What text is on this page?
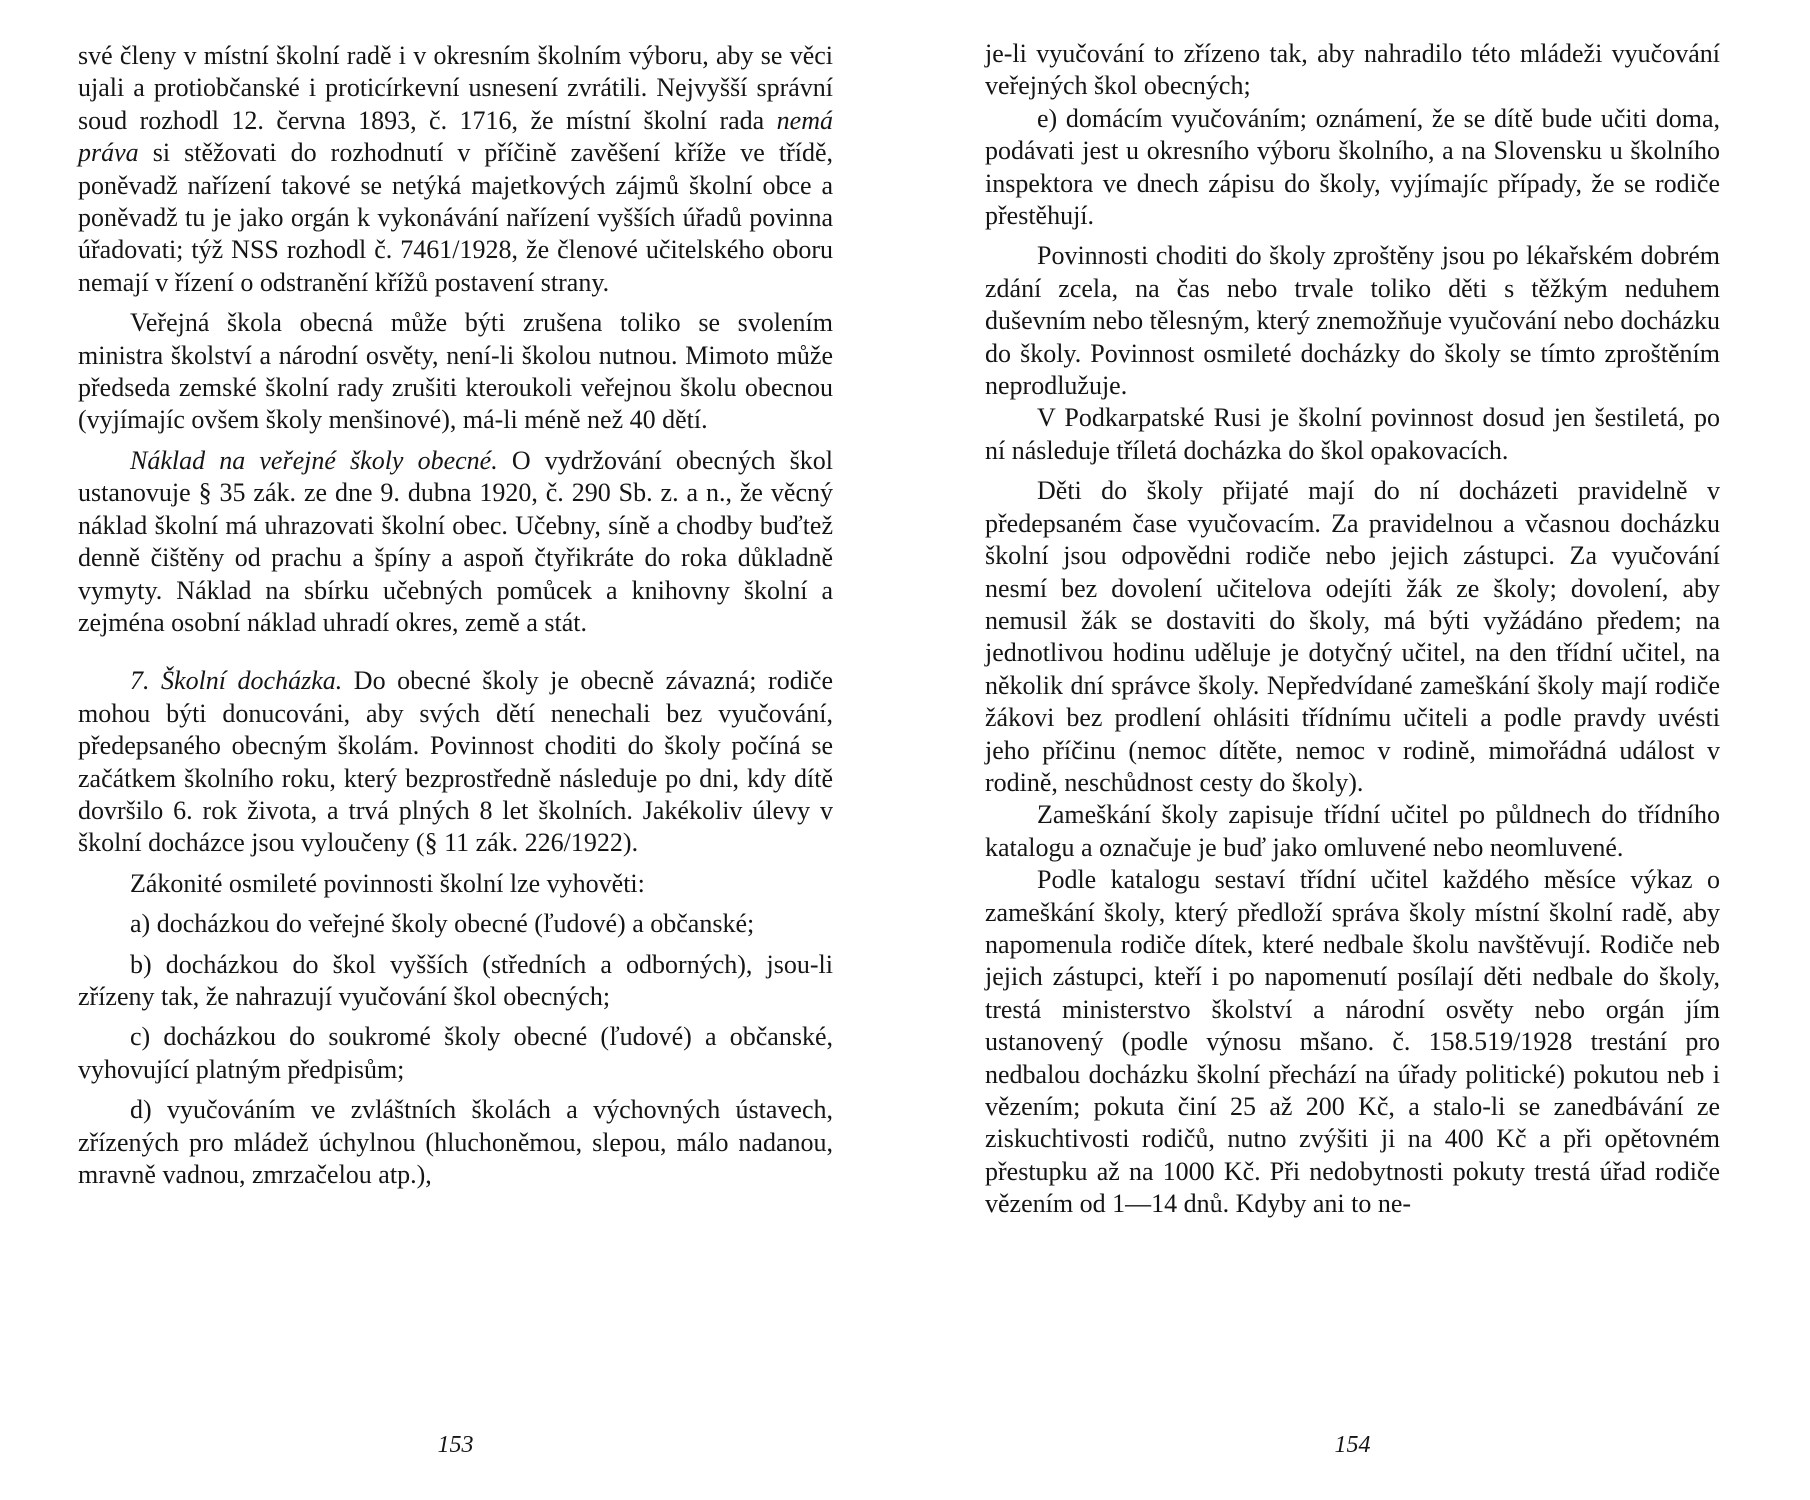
své členy v místní školní radě i v okresním školním výboru, aby se věci ujali a protiobčanské i proticírkevní usnesení zvrátili. Nejvyšší správní soud rozhodl 12. června 1893, č. 1716, že místní školní rada nemá práva si stěžovati do rozhodnutí v příčině zavěšení kříže ve třídě, poněvadž nařízení takové se netýká majetkových zájmů školní obce a poněvadž tu je jako orgán k vykonávání nařízení vyšších úřadů povinna úřadovati; týž NSS rozhodl č. 7461/1928, že členové učitelského oboru nemají v řízení o odstranění křížů postavení strany.

Veřejná škola obecná může býti zrušena toliko se svolením ministra školství a národní osvěty, není-li školou nutnou. Mimoto může předseda zemské školní rady zrušiti kteroukoli veřejnou školu obecnou (vyjímajíc ovšem školy menšinové), má-li méně než 40 dětí.

Náklad na veřejné školy obecné. O vydržování obecných škol ustanovuje § 35 zák. ze dne 9. dubna 1920, č. 290 Sb. z. a n., že věcný náklad školní má uhrazovati školní obec. Učebny, síně a chodby buďtež denně čištěny od prachu a špíny a aspoň čtyřikráte do roka důkladně vymyty. Náklad na sbírku učebných pomůcek a knihovny školní a zejména osobní náklad uhradí okres, země a stát.

7. Školní docházka. Do obecné školy je obecně závazná; rodiče mohou býti donucováni, aby svých dětí nenechali bez vyučování, předepsaného obecným školám. Povinnost choditi do školy počíná se začátkem školního roku, který bezprostředně následuje po dni, kdy dítě dovršilo 6. rok života, a trvá plných 8 let školních. Jakékoliv úlevy v školní docházce jsou vyloučeny (§ 11 zák. 226/1922).

Zákonité osmileté povinnosti školní lze vyhověti:

a) docházkou do veřejné školy obecné (ľudové) a občanské;

b) docházkou do škol vyšších (středních a odborných), jsou-li zřízeny tak, že nahrazují vyučování škol obecných;

c) docházkou do soukromé školy obecné (ľudové) a občanské, vyhovující platným předpisům;

d) vyučováním ve zvláštních školách a výchovných ústavech, zřízených pro mládež úchylnou (hluchoněmou, slepou, málo nadanou, mravně vadnou, zmrzačelou atp.),

153

je-li vyučování to zřízeno tak, aby nahradilo této mládeži vyučování veřejných škol obecných;

e) domácím vyučováním; oznámení, že se dítě bude učiti doma, podávati jest u okresního výboru školního, a na Slovensku u školního inspektora ve dnech zápisu do školy, vyjímajíc případy, že se rodiče přestěhují.

Povinnosti choditi do školy zproštěny jsou po lékařském dobrém zdání zcela, na čas nebo trvale toliko děti s těžkým neduhem duševním nebo tělesným, který znemožňuje vyučování nebo docházku do školy. Povinnost osmileté docházky do školy se tímto zproštěním neprodlužuje.

V Podkarpatské Rusi je školní povinnost dosud jen šestiletá, po ní následuje tříletá docházka do škol opakovacích.

Děti do školy přijaté mají do ní docházeti pravidelně v předepsaném čase vyučovacím. Za pravidelnou a včasnou docházku školní jsou odpovědni rodiče nebo jejich zástupci. Za vyučování nesmí bez dovolení učitelova odejíti žák ze školy; dovolení, aby nemusil žák se dostaviti do školy, má býti vyžádáno předem; na jednotlivou hodinu uděluje je dotyčný učitel, na den třídní učitel, na několik dní správce školy. Nepředvídané zameškání školy mají rodiče žákovi bez prodlení ohlásiti třídnímu učiteli a podle pravdy uvésti jeho příčinu (nemoc dítěte, nemoc v rodině, mimořádná událost v rodině, neschůdnost cesty do školy).

Zameškání školy zapisuje třídní učitel po půldnech do třídního katalogu a označuje je buď jako omluvené nebo neomluvené.

Podle katalogu sestaví třídní učitel každého měsíce výkaz o zameškání školy, který předloží správa školy místní školní radě, aby napomenula rodiče dítek, které nedbale školu navštěvují. Rodiče neb jejich zástupci, kteří i po napomenutí posílají děti nedbale do školy, trestá ministerstvo školství a národní osvěty nebo orgán jím ustanovený (podle výnosu mšano. č. 158.519/1928 trestání pro nedbalou docházku školní přechází na úřady politické) pokutou neb i vězením; pokuta činí 25 až 200 Kč, a stalo-li se zanedbávání ze ziskuchtivosti rodičů, nutno zvýšiti ji na 400 Kč a při opětovném přestupku až na 1000 Kč. Při nedobytnosti pokuty trestá úřad rodiče vězením od 1—14 dnů. Kdyby ani to ne-

154
